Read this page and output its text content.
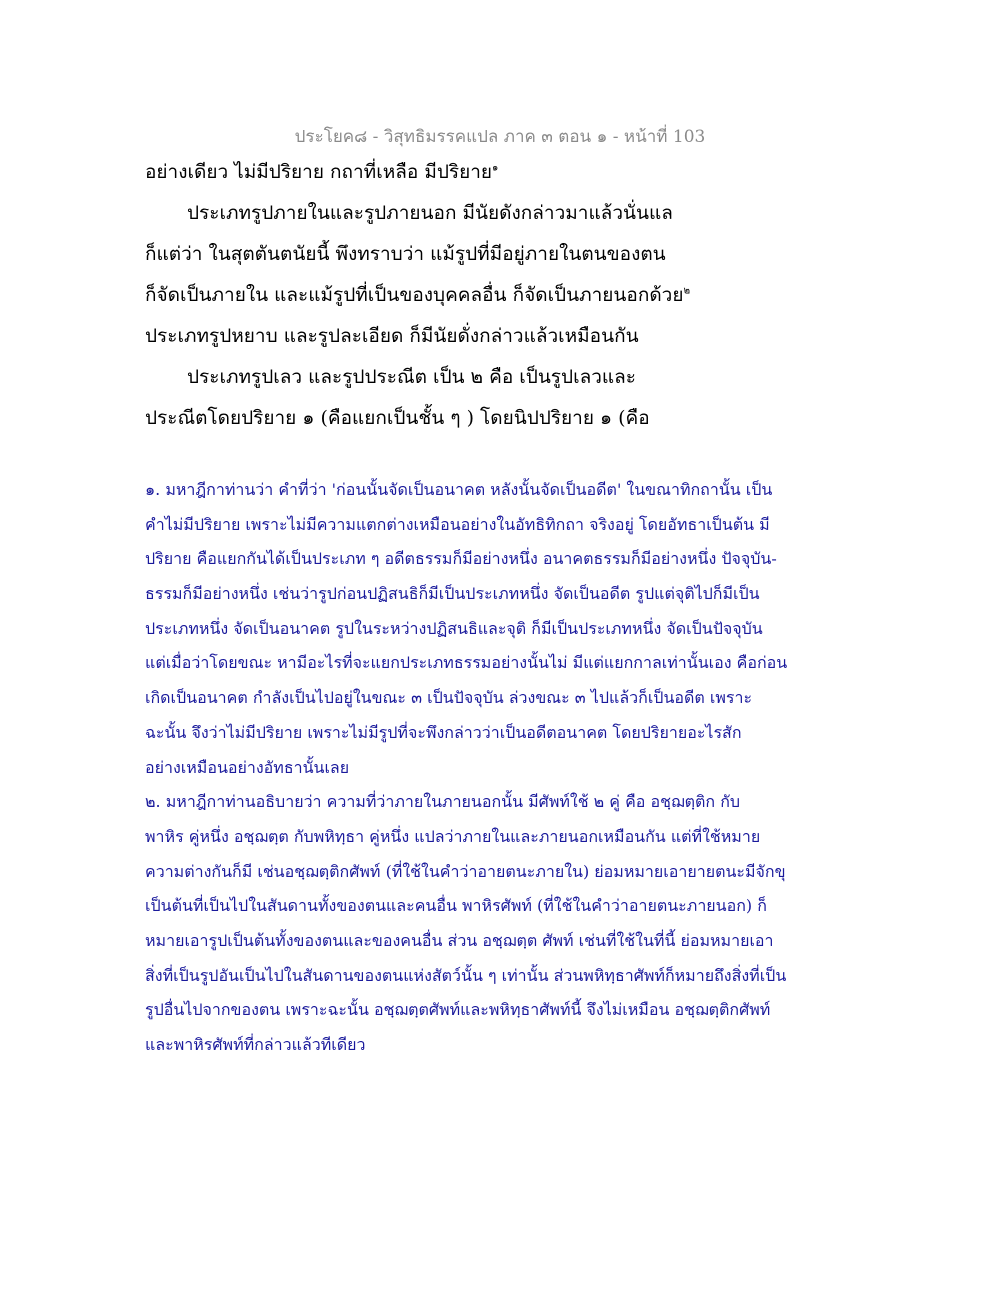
ประโยค๘ - วิสุทธิมรรคแปล ภาค ๓ ตอน ๑ - หน้าที่ 103
อย่างเดียว ไม่มีปริยาย กถาที่เหลือ มีปริยาย$^๑$
ประเภทรูปภายในและรูปภายนอก มีนัยดังกล่าวมาแล้วนั่นแล
ก็แต่ว่า ในสุตตันตนัยนี้ พึงทราบว่า แม้รูปที่มีอยู่ภายในตนของตน
ก็จัดเป็นภายใน และแม้รูปที่เป็นของบุคคลอื่น ก็จัดเป็นภายนอกด้วย$^๒$
ประเภทรูปหยาบ และรูปละเอียด ก็มีนัยดั่งกล่าวแล้วเหมือนกัน
ประเภทรูปเลว และรูปประณีต เป็น ๒ คือ เป็นรูปเลวและ
ประณีตโดยปริยาย ๑ (คือแยกเป็นชั้น ๆ ) โดยนิปปริยาย ๑ (คือ
๑. มหาฎีกาท่านว่า คำที่ว่า 'ก่อนนั้นจัดเป็นอนาคต หลังนั้นจัดเป็นอดีต' ในขณาทิกถานั้น เป็น
คำไม่มีปริยาย เพราะไม่มีความแตกต่างเหมือนอย่างในอัทธิทิกถา จริงอยู่ โดยอัทธาเป็นต้น มี
ปริยาย คือแยกกันได้เป็นประเภท ๆ อดีตธรรมก็มีอย่างหนึ่ง อนาคตธรรมก็มีอย่างหนึ่ง ปัจจุบัน-
ธรรมก็มีอย่างหนึ่ง เช่นว่ารูปก่อนปฏิสนธิก็มีเป็นประเภทหนึ่ง จัดเป็นอดีต รูปแต่จุติไปก็มีเป็น
ประเภทหนึ่ง จัดเป็นอนาคต รูปในระหว่างปฏิสนธิและจุติ ก็มีเป็นประเภทหนึ่ง จัดเป็นปัจจุบัน
แต่เมื่อว่าโดยขณะ หามีอะไรที่จะแยกประเภทธรรมอย่างนั้นไม่ มีแต่แยกกาลเท่านั้นเอง คือก่อน
เกิดเป็นอนาคต กำลังเป็นไปอยู่ในขณะ ๓ เป็นปัจจุบัน ล่วงขณะ ๓ ไปแล้วก็เป็นอดีต เพราะ
ฉะนั้น จึงว่าไม่มีปริยาย เพราะไม่มีรูปที่จะพึงกล่าวว่าเป็นอดีตอนาคต โดยปริยายอะไรสัก
อย่างเหมือนอย่างอัทธานั้นเลย
๒. มหาฎีกาท่านอธิบายว่า ความที่ว่าภายในภายนอกนั้น มีศัพท์ใช้ ๒ คู่ คือ อชฺฌตฺติก กับ
พาหิร คู่หนึ่ง อชฺฌตฺต กับพหิทฺธา คู่หนึ่ง แปลว่าภายในและภายนอกเหมือนกัน แต่ที่ใช้หมาย
ความต่างกันก็มี เช่นอชฺฌตฺติกศัพท์ (ที่ใช้ในคำว่าอายตนะภายใน) ย่อมหมายเอายายตนะมีจักขุ
เป็นต้นที่เป็นไปในสันดานทั้งของตนและคนอื่น พาหิรศัพท์ (ที่ใช้ในคำว่าอายตนะภายนอก) ก็
หมายเอารูปเป็นต้นทั้งของตนและของคนอื่น ส่วน อชฺฌตฺต ศัพท์ เช่นที่ใช้ในที่นี้ ย่อมหมายเอา
สิ่งที่เป็นรูปอันเป็นไปในสันดานของตนแห่งสัตว์นั้น ๆ เท่านั้น ส่วนพหิทฺธาศัพท์ก็หมายถึงสิ่งที่เป็น
รูปอื่นไปจากของตน เพราะฉะนั้น อชฺฌตฺตศัพท์และพหิทฺธาศัพท์นี้ จึงไม่เหมือน อชฺฌตฺติกศัพท์
และพาหิรศัพท์ที่กล่าวแล้วทีเดียว
